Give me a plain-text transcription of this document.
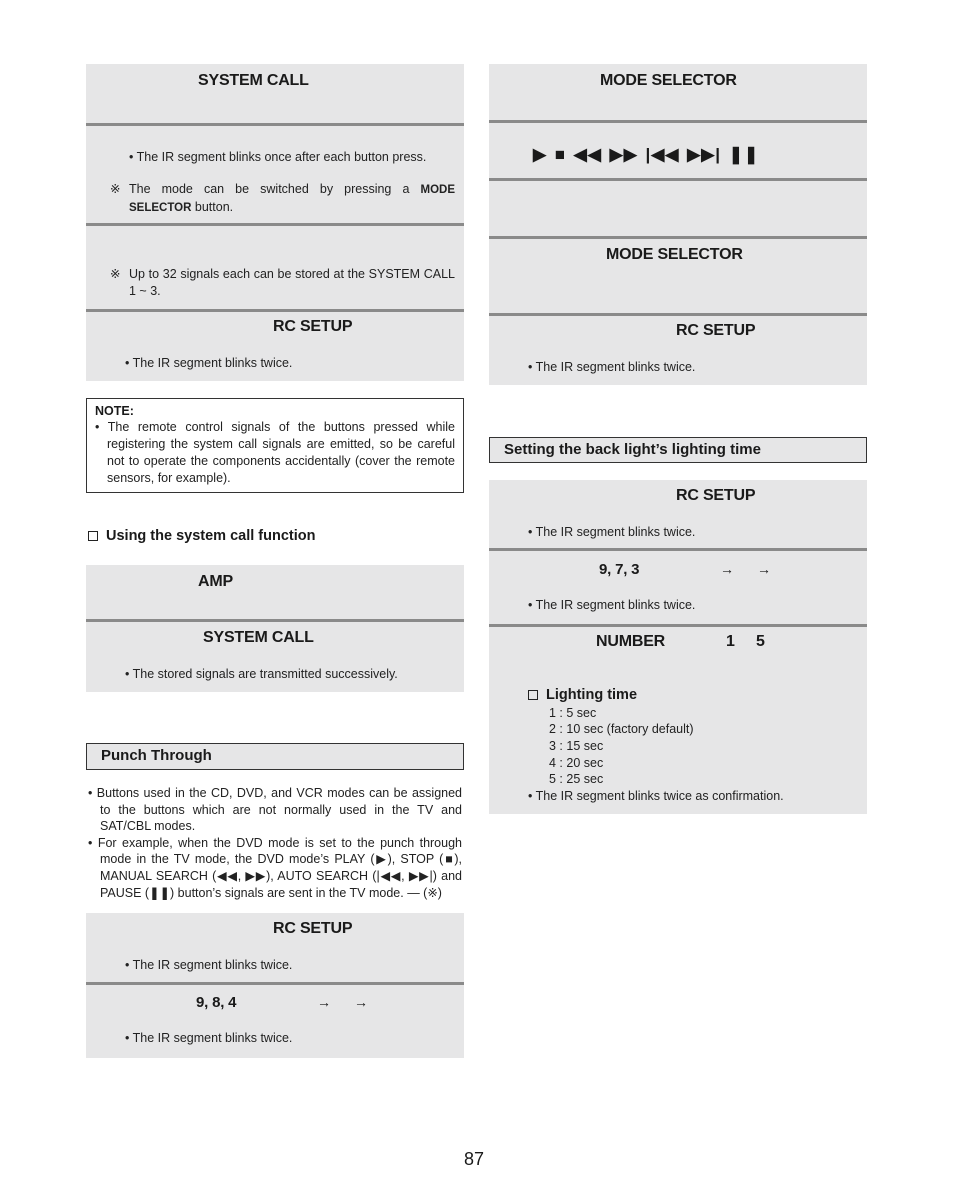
SYSTEM CALL
• The IR segment blinks once after each button press.
※ The mode can be switched by pressing a MODE
SELECTOR button.
※ Up to 32 signals each can be stored at the SYSTEM CALL 1 ~ 3.
RC SETUP
• The IR segment blinks twice.
NOTE:
• The remote control signals of the buttons pressed while registering the system call signals are emitted, so be careful not to operate the components accidentally (cover the remote sensors, for example).
Using the system call function
AMP
SYSTEM CALL
• The stored signals are transmitted successively.
Punch Through
• Buttons used in the CD, DVD, and VCR modes can be assigned to the buttons which are not normally used in the TV and SAT/CBL modes.
• For example, when the DVD mode is set to the punch through mode in the TV mode, the DVD mode’s PLAY (▶), STOP (■), MANUAL SEARCH (◀◀, ▶▶), AUTO SEARCH (|◀◀, ▶▶|) and PAUSE (❚❚) button’s signals are sent in the TV mode. — (※)
RC SETUP
• The IR segment blinks twice.
9, 8, 4	→ →
• The IR segment blinks twice.
MODE SELECTOR
▶ ■ ◀◀ ▶▶ |◀◀ ▶▶| ❚❚
MODE SELECTOR
RC SETUP
• The IR segment blinks twice.
Setting the back light’s lighting time
RC SETUP
• The IR segment blinks twice.
9, 7, 3	→ →
• The IR segment blinks twice.
NUMBER	1 5
Lighting time
1 : 5 sec
2 : 10 sec (factory default)
3 : 15 sec
4 : 20 sec
5 : 25 sec
• The IR segment blinks twice as confirmation.
87
